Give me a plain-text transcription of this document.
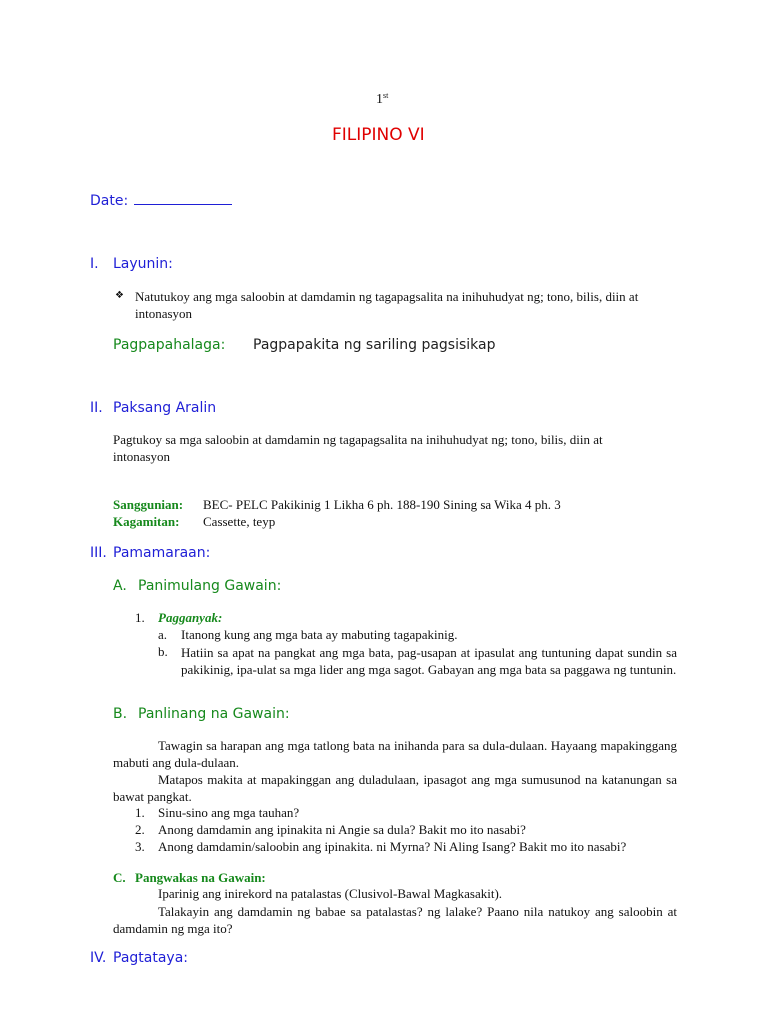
1st
FILIPINO VI
Date:
I. Layunin:
❖ Natutukoy ang mga saloobin at damdamin ng tagapagsalita na inihuhudyat ng; tono, bilis, diin at
intonasyon
Pagpapahalaga: Pagpapakita ng sariling pagsisikap
II. Paksang Aralin
Pagtukoy sa mga saloobin at damdamin ng tagapagsalita na inihuhudyat ng; tono, bilis, diin at
intonasyon
Sanggunian: BEC- PELC Pakikinig 1 Likha 6 ph. 188-190 Sining sa Wika 4 ph. 3
Kagamitan: Cassette, teyp
III. Pamamaraan:
A. Panimulang Gawain:
1. Pagganyak:
a. Itanong kung ang mga bata ay mabuting tagapakinig.
b. Hatiin sa apat na pangkat ang mga bata, pag-usapan at ipasulat ang tuntuning dapat sundin sa pakikinig, ipa-ulat sa mga lider ang mga sagot. Gabayan ang mga bata sa paggawa ng tuntunin.
B. Panlinang na Gawain:
Tawagin sa harapan ang mga tatlong bata na inihanda para sa dula-dulaan. Hayaang mapakinggang mabuti ang dula-dulaan.
Matapos makita at mapakinggan ang duladulaan, ipasagot ang mga sumusunod na katanungan sa bawat pangkat.
1. Sinu-sino ang mga tauhan?
2. Anong damdamin ang ipinakita ni Angie sa dula? Bakit mo ito nasabi?
3. Anong damdamin/saloobin ang ipinakita. ni Myrna? Ni Aling Isang? Bakit mo ito nasabi?
C. Pangwakas na Gawain:
Iparinig ang inirekord na patalastas (Clusivol-Bawal Magkasakit).
Talakayin ang damdamin ng babae sa patalastas? ng lalake? Paano nila natukoy ang saloobin at damdamin ng mga ito?
IV. Pagtataya:
